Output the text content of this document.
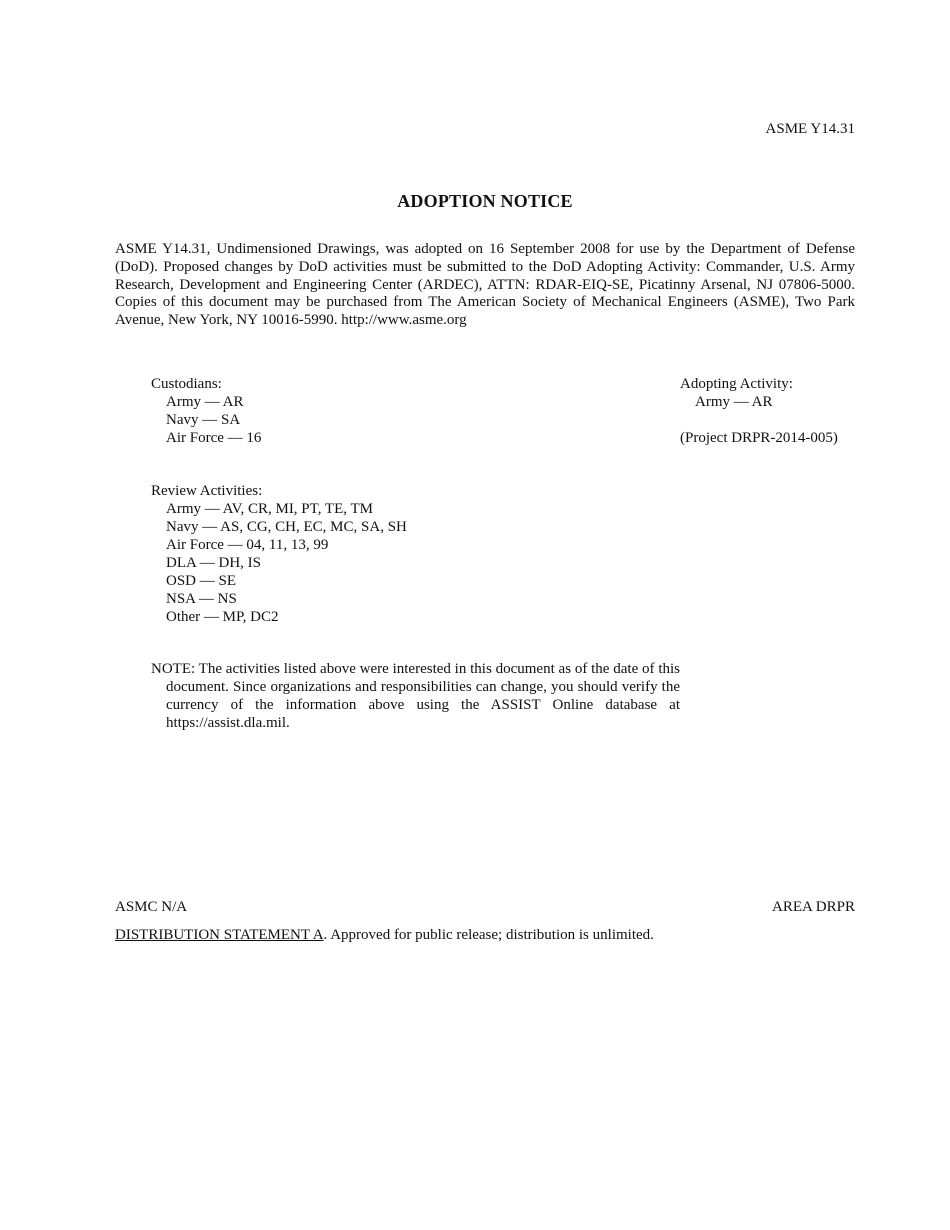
ASME Y14.31
ADOPTION NOTICE
ASME Y14.31, Undimensioned Drawings, was adopted on 16 September 2008 for use by the Department of Defense (DoD). Proposed changes by DoD activities must be submitted to the DoD Adopting Activity: Commander, U.S. Army Research, Development and Engineering Center (ARDEC), ATTN: RDAR-EIQ-SE, Picatinny Arsenal, NJ 07806-5000. Copies of this document may be purchased from The American Society of Mechanical Engineers (ASME), Two Park Avenue, New York, NY 10016-5990. http://www.asme.org
Custodians:
Army — AR
Navy — SA
Air Force — 16
Adopting Activity:
Army — AR
(Project DRPR-2014-005)
Review Activities:
Army — AV, CR, MI, PT, TE, TM
Navy — AS, CG, CH, EC, MC, SA, SH
Air Force — 04, 11, 13, 99
DLA — DH, IS
OSD — SE
NSA — NS
Other — MP, DC2
NOTE: The activities listed above were interested in this document as of the date of this document. Since organizations and responsibilities can change, you should verify the currency of the information above using the ASSIST Online database at https://assist.dla.mil.
ASMC N/A	AREA DRPR
DISTRIBUTION STATEMENT A. Approved for public release; distribution is unlimited.
